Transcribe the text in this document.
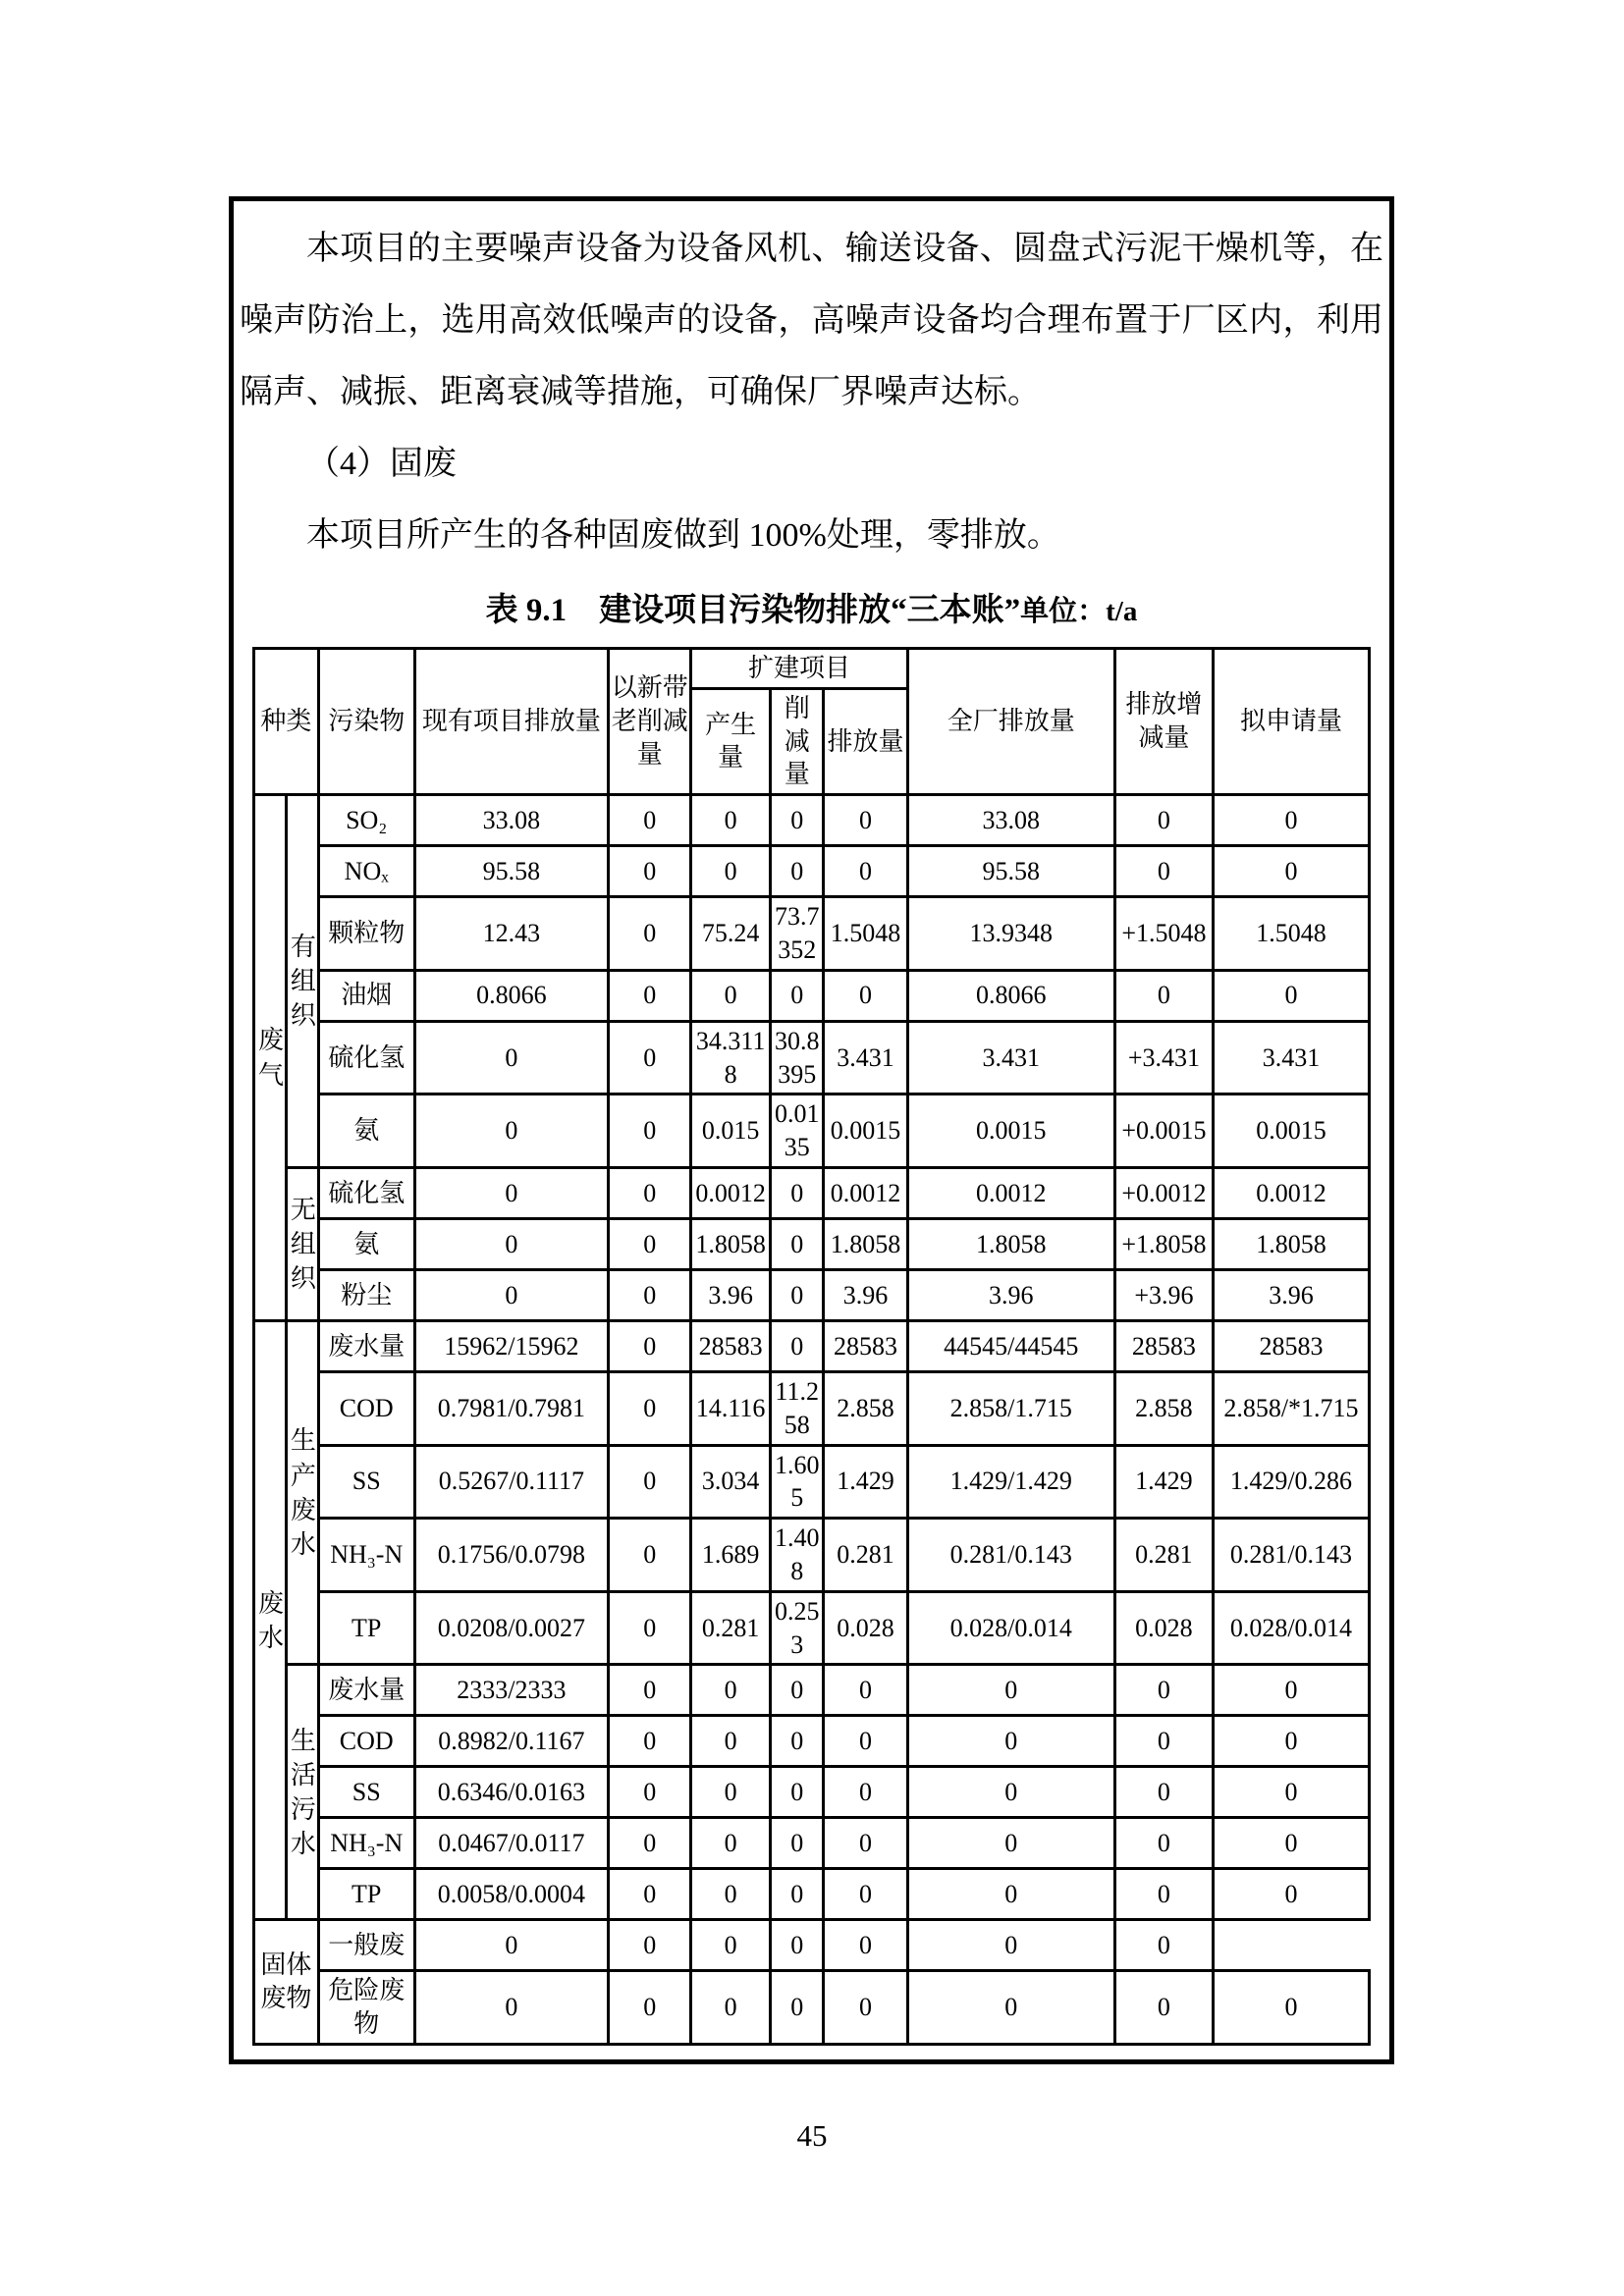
本项目的主要噪声设备为设备风机、输送设备、圆盘式污泥干燥机等，在噪声防治上，选用高效低噪声的设备，高噪声设备均合理布置于厂区内，利用隔声、减振、距离衰减等措施，可确保厂界噪声达标。

（4）固废

本项目所产生的各种固废做到 100%处理，零排放。

表 9.1　建设项目污染物排放“三本账”单位：t/a
种类		污染物	现有项目排放量	以新带老削减量	扩建项目			全厂排放量	排放增减量	拟申请量
					产生量	削减量	排放量			
废气	有组织	SO₂	33.08	0	0	0	0	33.08	0	0
		NOₓ	95.58	0	0	0	0	95.58	0	0
		颗粒物	12.43	0	75.24	73.7352	1.5048	13.9348	+1.5048	1.5048
		油烟	0.8066	0	0	0	0	0.8066	0	0
		硫化氢	0	0	34.3118	30.8395	3.431	3.431	+3.431	3.431
		氨	0	0	0.015	0.0135	0.0015	0.0015	+0.0015	0.0015
	无组织	硫化氢	0	0	0.0012	0	0.0012	0.0012	+0.0012	0.0012
		氨	0	0	1.8058	0	1.8058	1.8058	+1.8058	1.8058
		粉尘	0	0	3.96	0	3.96	3.96	+3.96	3.96
废水	生产废水	废水量	15962/15962	0	28583	0	28583	44545/44545	28583	28583
		COD	0.7981/0.7981	0	14.116	11.258	2.858	2.858/1.715	2.858	2.858/*1.715
		SS	0.5267/0.1117	0	3.034	1.605	1.429	1.429/1.429	1.429	1.429/0.286
		NH₃-N	0.1756/0.0798	0	1.689	1.408	0.281	0.281/0.143	0.281	0.281/0.143
		TP	0.0208/0.0027	0	0.281	0.253	0.028	0.028/0.014	0.028	0.028/0.014
	生活污水	废水量	2333/2333	0	0	0	0	0	0	0
		COD	0.8982/0.1167	0	0	0	0	0	0	0
		SS	0.6346/0.0163	0	0	0	0	0	0	0
		NH₃-N	0.0467/0.0117	0	0	0	0	0	0	0
		TP	0.0058/0.0004	0	0	0	0	0	0	0
固体废物		一般废	0	0	0	0	0	0	0	
		危险废物	0	0	0	0	0	0	0	0
45
